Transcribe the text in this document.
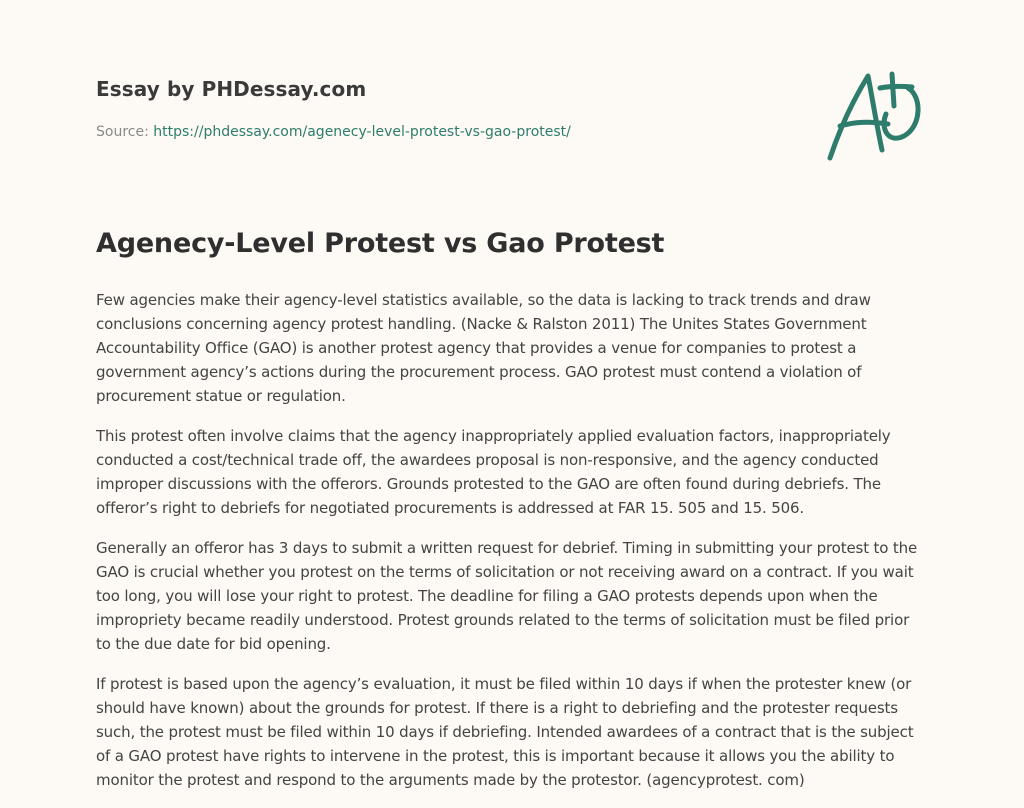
Essay by PHDessay.com
Source: https://phdessay.com/agenecy-level-protest-vs-gao-protest/
Agenecy-Level Protest vs Gao Protest

Few agencies make their agency-level statistics available, so the data is lacking to track trends and draw conclusions concerning agency protest handling. (Nacke & Ralston 2011) The Unites States Government Accountability Office (GAO) is another protest agency that provides a venue for companies to protest a government agency’s actions during the procurement process. GAO protest must contend a violation of procurement statue or regulation.

This protest often involve claims that the agency inappropriately applied evaluation factors, inappropriately conducted a cost/technical trade off, the awardees proposal is non-responsive, and the agency conducted improper discussions with the offerors. Grounds protested to the GAO are often found during debriefs. The offeror’s right to debriefs for negotiated procurements is addressed at FAR 15. 505 and 15. 506.

Generally an offeror has 3 days to submit a written request for debrief. Timing in submitting your protest to the GAO is crucial whether you protest on the terms of solicitation or not receiving award on a contract. If you wait too long, you will lose your right to protest. The deadline for filing a GAO protests depends upon when the impropriety became readily understood. Protest grounds related to the terms of solicitation must be filed prior to the due date for bid opening.

If protest is based upon the agency’s evaluation, it must be filed within 10 days if when the protester knew (or should have known) about the grounds for protest. If there is a right to debriefing and the protester requests such, the protest must be filed within 10 days if debriefing. Intended awardees of a contract that is the subject of a GAO protest have rights to intervene in the protest, this is important because it allows you the ability to monitor the protest and respond to the arguments made by the protestor. (agencyprotest. com)
